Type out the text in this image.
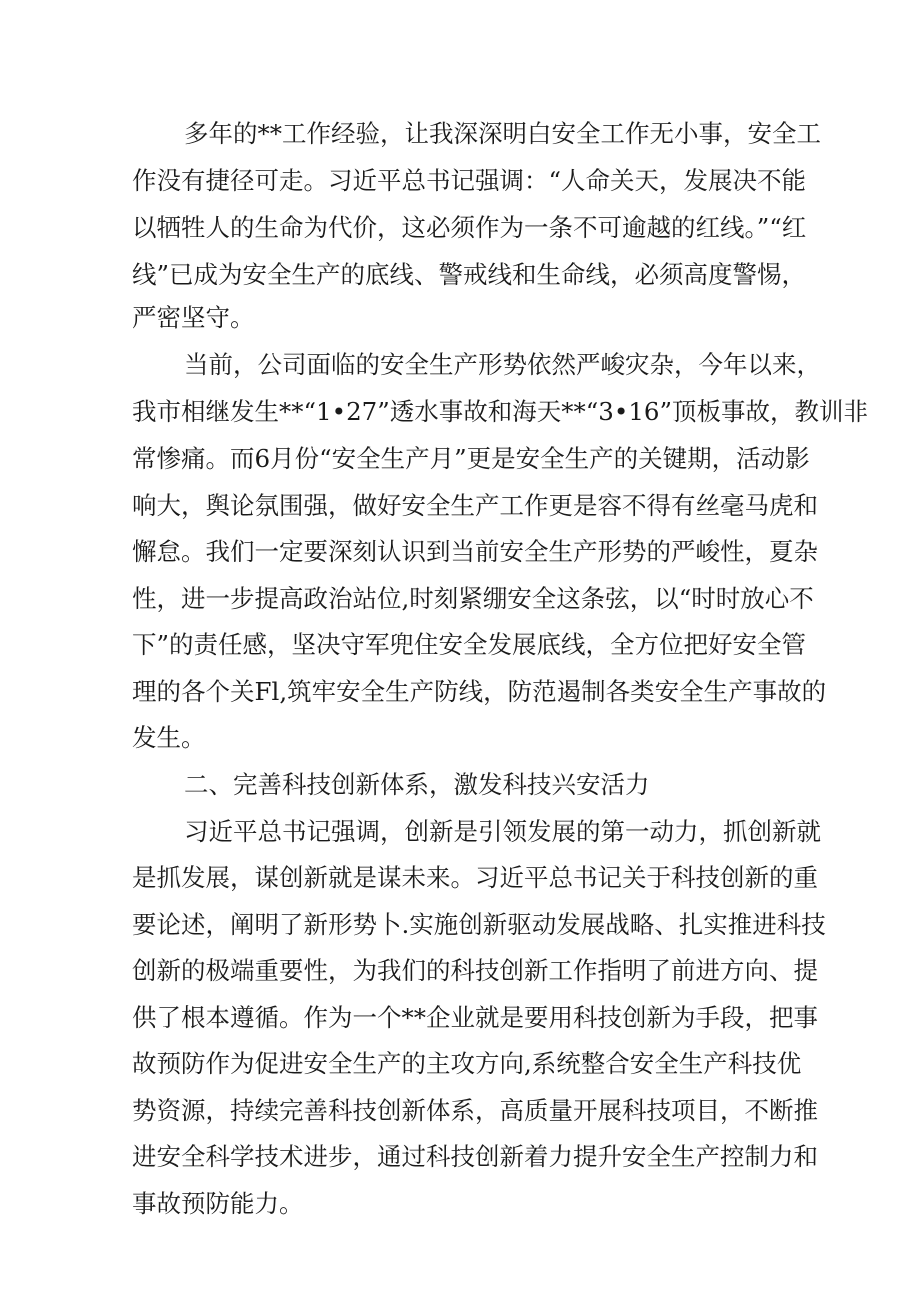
多年的**工作经验，让我深深明白安全工作无小事，安全工
作没有捷径可走。习近平总书记强调：“人命关天，发展决不能
以牺牲人的生命为代价，这必须作为一条不可逾越的红线。”“红
线”已成为安全生产的底线、警戒线和生命线，必须高度警惕，
严密坚守。
当前，公司面临的安全生产形势依然严峻灾杂，今年以来，
我市相继发生**“1•27”透水事故和海天**“3•16”顶板事故，教训非
常惨痛。而6月份“安全生产月”更是安全生产的关键期，活动影
响大，舆论氛围强，做好安全生产工作更是容不得有丝毫马虎和
懈怠。我们一定要深刻认识到当前安全生产形势的严峻性，夏杂
性，进一步提高政治站位,时刻紧绷安全这条弦，以“时时放心不
下”的责任感，坚决守军兜住安全发展底线，全方位把好安全管
理的各个关Fl,筑牢安全生产防线，防范遏制各类安全生产事故的
发生。
二、完善科技创新体系，激发科技兴安活力
习近平总书记强调，创新是引领发展的第一动力，抓创新就
是抓发展，谋创新就是谋未来。习近平总书记关于科技创新的重
要论述，阐明了新形势卜.实施创新驱动发展战略、扎实推进科技
创新的极端重要性，为我们的科技创新工作指明了前进方向、提
供了根本遵循。作为一个**企业就是要用科技创新为手段，把事
故预防作为促进安全生产的主攻方向,系统整合安全生产科技优
势资源，持续完善科技创新体系，高质量开展科技项目，不断推
进安全科学技术进步，通过科技创新着力提升安全生产控制力和
事故预防能力。
